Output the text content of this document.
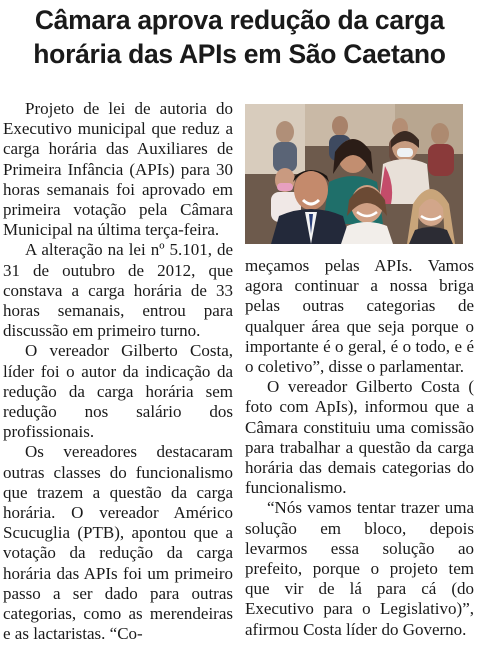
Câmara aprova redução da carga horária das APIs em São Caetano

Projeto de lei de autoria do Executivo municipal que reduz a carga horária das Auxiliares de Primeira Infância (APIs) para 30 horas semanais foi aprovado em primeira votação pela Câmara Municipal na última terça-feira.

A alteração na lei nº 5.101, de 31 de outubro de 2012, que constava a carga horária de 33 horas semanais, entrou para discussão em primeiro turno.

O vereador Gilberto Costa, líder foi o autor da indicação da redução da carga horária sem redução nos salário dos profissionais.

Os vereadores destacaram outras classes do funcionalismo que trazem a questão da carga horária. O vereador Américo Scucuglia (PTB), apontou que a votação da redução da carga horária das APIs foi um primeiro passo a ser dado para outras categorias, como as merendeiras e as lactaristas. “Co-

meçamos pelas APIs. Vamos agora continuar a nossa briga pelas outras categorias de qualquer área que seja porque o importante é o geral, é o todo, e é o coletivo”, disse o parlamentar.

O vereador Gilberto Costa ( foto com ApIs), informou que a Câmara constituiu uma comissão para trabalhar a questão da carga horária das demais categorias do funcionalismo.

“Nós vamos tentar trazer uma solução em bloco, depois levarmos essa solução ao prefeito, porque o projeto tem que vir de lá para cá (do Executivo para o Legislativo)”, afirmou Costa líder do Governo.
